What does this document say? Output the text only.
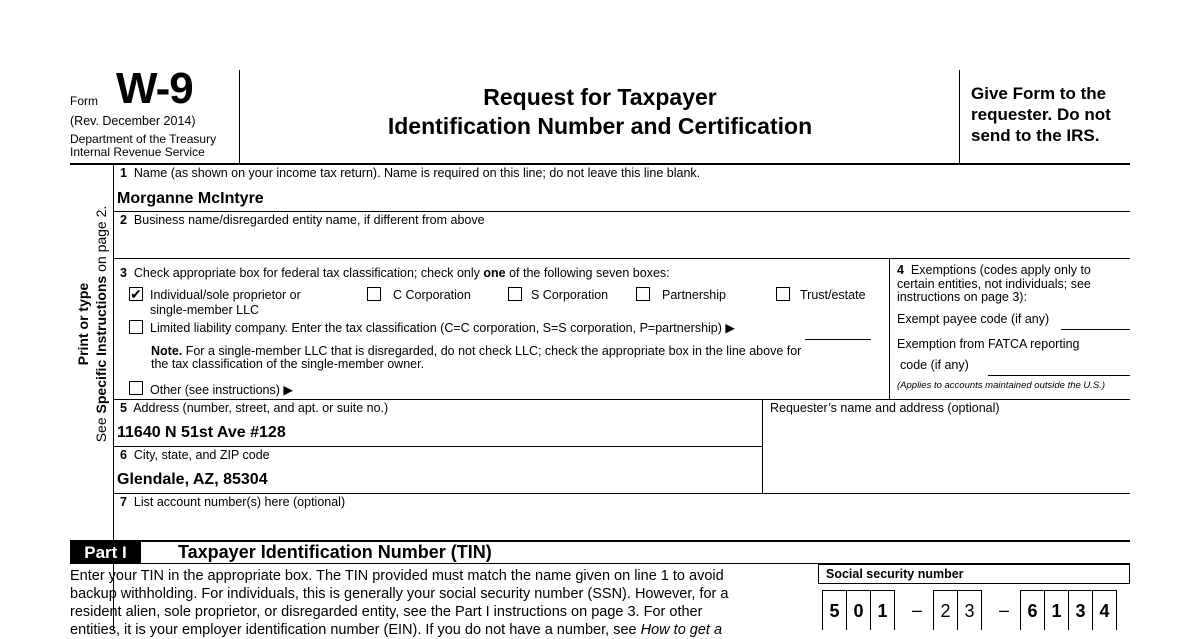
Form W-9
(Rev. December 2014)
Department of the Treasury
Internal Revenue Service
Request for Taxpayer
Identification Number and Certification
Give Form to the
requester. Do not
send to the IRS.
Print or type
See Specific Instructions on page 2.
1 Name (as shown on your income tax return). Name is required on this line; do not leave this line blank.
Morganne McIntyre
2 Business name/disregarded entity name, if different from above
3 Check appropriate box for federal tax classification; check only one of the following seven boxes:
✔ Individual/sole proprietor or
single-member LLC
C Corporation	S Corporation	Partnership	Trust/estate
Limited liability company. Enter the tax classification (C=C corporation, S=S corporation, P=partnership) ▶
Note. For a single-member LLC that is disregarded, do not check LLC; check the appropriate box in the line above for
the tax classification of the single-member owner.
Other (see instructions) ▶
4 Exemptions (codes apply only to
certain entities, not individuals; see
instructions on page 3):
Exempt payee code (if any)
Exemption from FATCA reporting
code (if any)
(Applies to accounts maintained outside the U.S.)
5 Address (number, street, and apt. or suite no.)
11640 N 51st Ave #128
Requester’s name and address (optional)
6 City, state, and ZIP code
Glendale, AZ, 85304
7 List account number(s) here (optional)
Part I	Taxpayer Identification Number (TIN)
Enter your TIN in the appropriate box. The TIN provided must match the name given on line 1 to avoid
backup withholding. For individuals, this is generally your social security number (SSN). However, for a
resident alien, sole proprietor, or disregarded entity, see the Part I instructions on page 3. For other
entities, it is your employer identification number (EIN). If you do not have a number, see How to get a
Social security number
5 0 1	–	2 3	–	6 1 3 4
